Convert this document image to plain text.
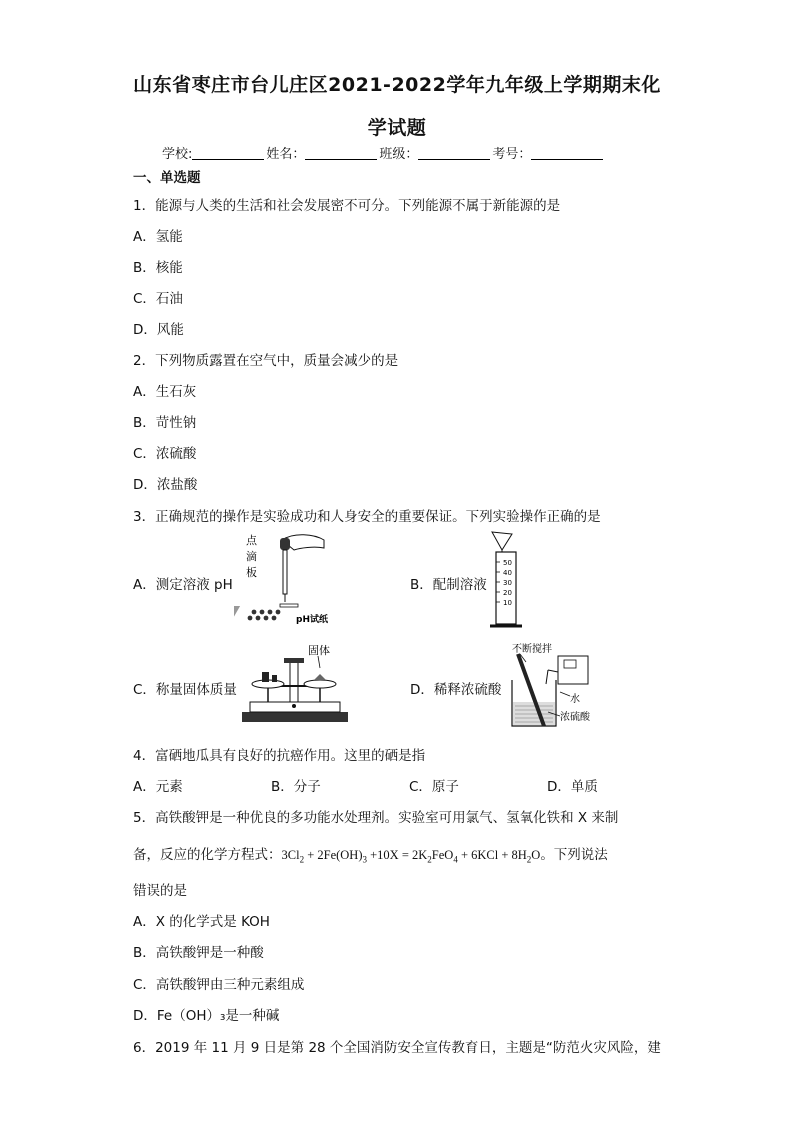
山东省枣庄市台儿庄区2021-2022学年九年级上学期期末化
学试题
学校:	姓名：	班级：	考号：
一、单选题
1．能源与人类的生活和社会发展密不可分。下列能源不属于新能源的是
A．氢能
B．核能
C．石油
D．风能
2．下列物质露置在空气中，质量会减少的是
A．生石灰
B．苛性钠
C．浓硫酸
D．浓盐酸
3．正确规范的操作是实验成功和人身安全的重要保证。下列实验操作正确的是
A．测定溶液 pH	B．配制溶液
C．称量固体质量	D．稀释浓硫酸
点
滴
板
pH试纸
50
40
30
20
10
固体	不断搅拌
水
浓硫酸
4．富硒地瓜具有良好的抗癌作用。这里的硒是指
A．元素	B．分子	C．原子	D．单质
5．高铁酸钾是一种优良的多功能水处理剂。实验室可用氯气、氢氧化铁和 X 来制
备，反应的化学方程式：$3Cl_2 + 2Fe(OH)_3 +10X = 2K_2FeO_4 + 6KCl + 8H_2O$。下列说法
错误的是
A．X 的化学式是 KOH
B．高铁酸钾是一种酸
C．高铁酸钾由三种元素组成
D．Fe（OH）₃是一种碱
6．2019 年 11 月 9 日是第 28 个全国消防安全宣传教育日，主题是“防范火灾风险，建
